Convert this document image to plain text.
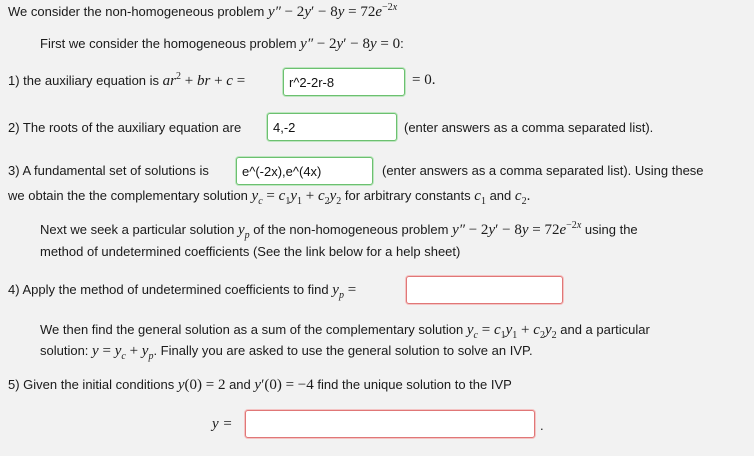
We consider the non-homogeneous problem $y'' - 2y' - 8y = 72e^{-2x}$
First we consider the homogeneous problem y″ − 2y′ − 8y = 0:
1) the auxiliary equation is $ar^2$ + br + c =	r^2-2r-8	= 0.
2) The roots of the auxiliary equation are	4,-2	(enter answers as a comma separated list).
3) A fundamental set of solutions is	e^(-2x),e^(4x)	(enter answers as a comma separated list). Using these
we obtain the the complementary solution $y_c = c_1y_1 + c_2y_2$ for arbitrary constants $c_1$ and $c_2$.
Next we seek a particular solution $y_p$ of the non-homogeneous problem $y'' - 2y' - 8y = 72e^{-2x}$ using the
method of undetermined coefficients (See the link below for a help sheet)
4) Apply the method of undetermined coefficients to find $y_p$ =
We then find the general solution as a sum of the complementary solution $y_c = c_1y_1 + c_2y_2$ and a particular
solution: $y = y_c + y_p$. Finally you are asked to use the general solution to solve an IVP.
5) Given the initial conditions y(0) = 2 and y′(0) = −4 find the unique solution to the IVP
y =	.
